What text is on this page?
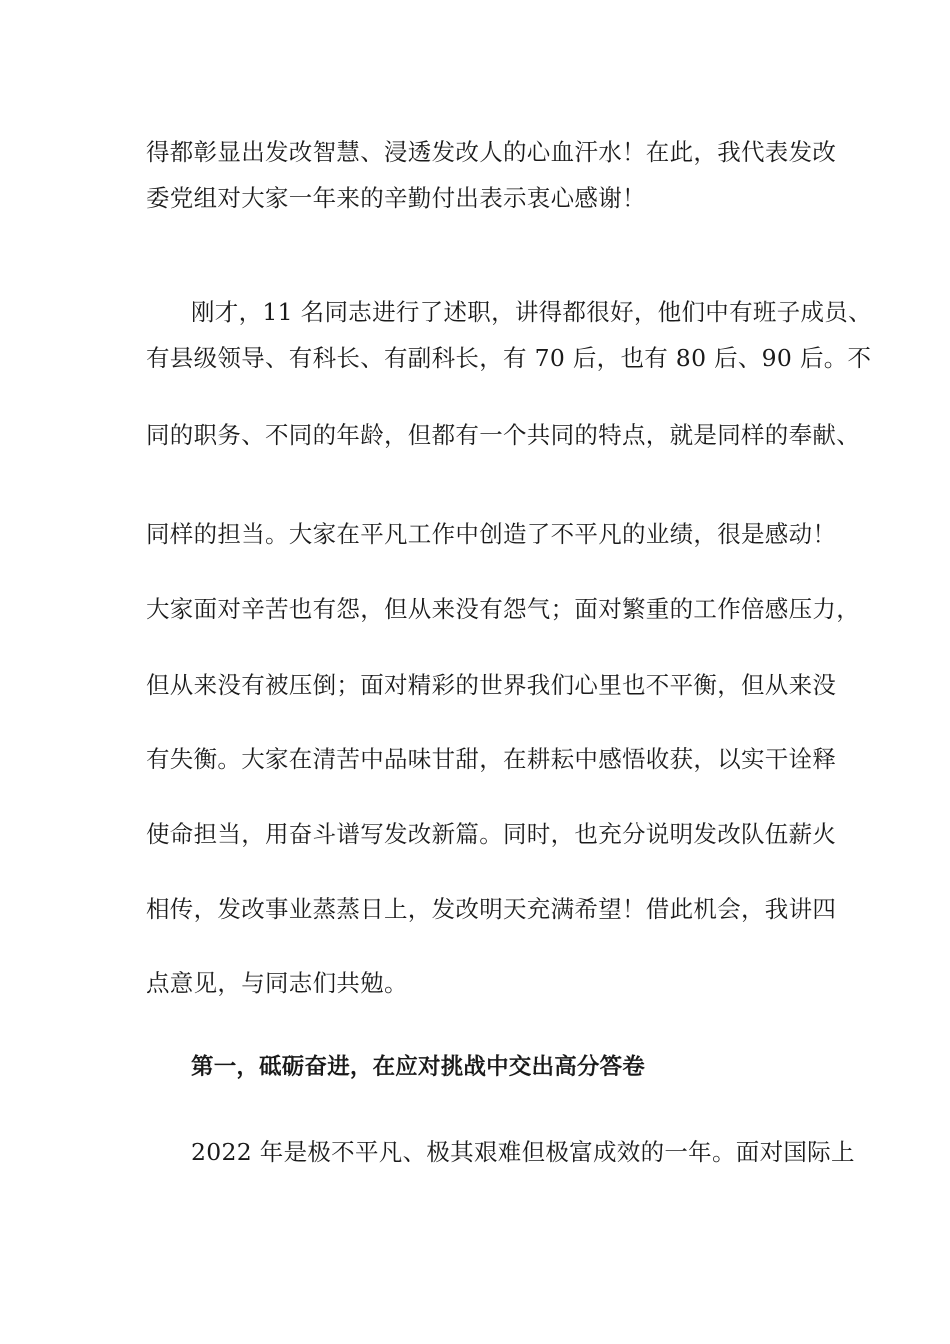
得都彰显出发改智慧、浸透发改人的心血汗水！在此，我代表发改
委党组对大家一年来的辛勤付出表示衷心感谢！
刚才，11 名同志进行了述职，讲得都很好，他们中有班子成员、
有县级领导、有科长、有副科长，有 70 后，也有 80 后、90 后。不
同的职务、不同的年龄，但都有一个共同的特点，就是同样的奉献、
同样的担当。大家在平凡工作中创造了不平凡的业绩，很是感动！
大家面对辛苦也有怨，但从来没有怨气；面对繁重的工作倍感压力，
但从来没有被压倒；面对精彩的世界我们心里也不平衡，但从来没
有失衡。大家在清苦中品味甘甜，在耕耘中感悟收获，以实干诠释
使命担当，用奋斗谱写发改新篇。同时，也充分说明发改队伍薪火
相传，发改事业蒸蒸日上，发改明天充满希望！借此机会，我讲四
点意见，与同志们共勉。
第一，砥砺奋进，在应对挑战中交出高分答卷
2022 年是极不平凡、极其艰难但极富成效的一年。面对国际上
